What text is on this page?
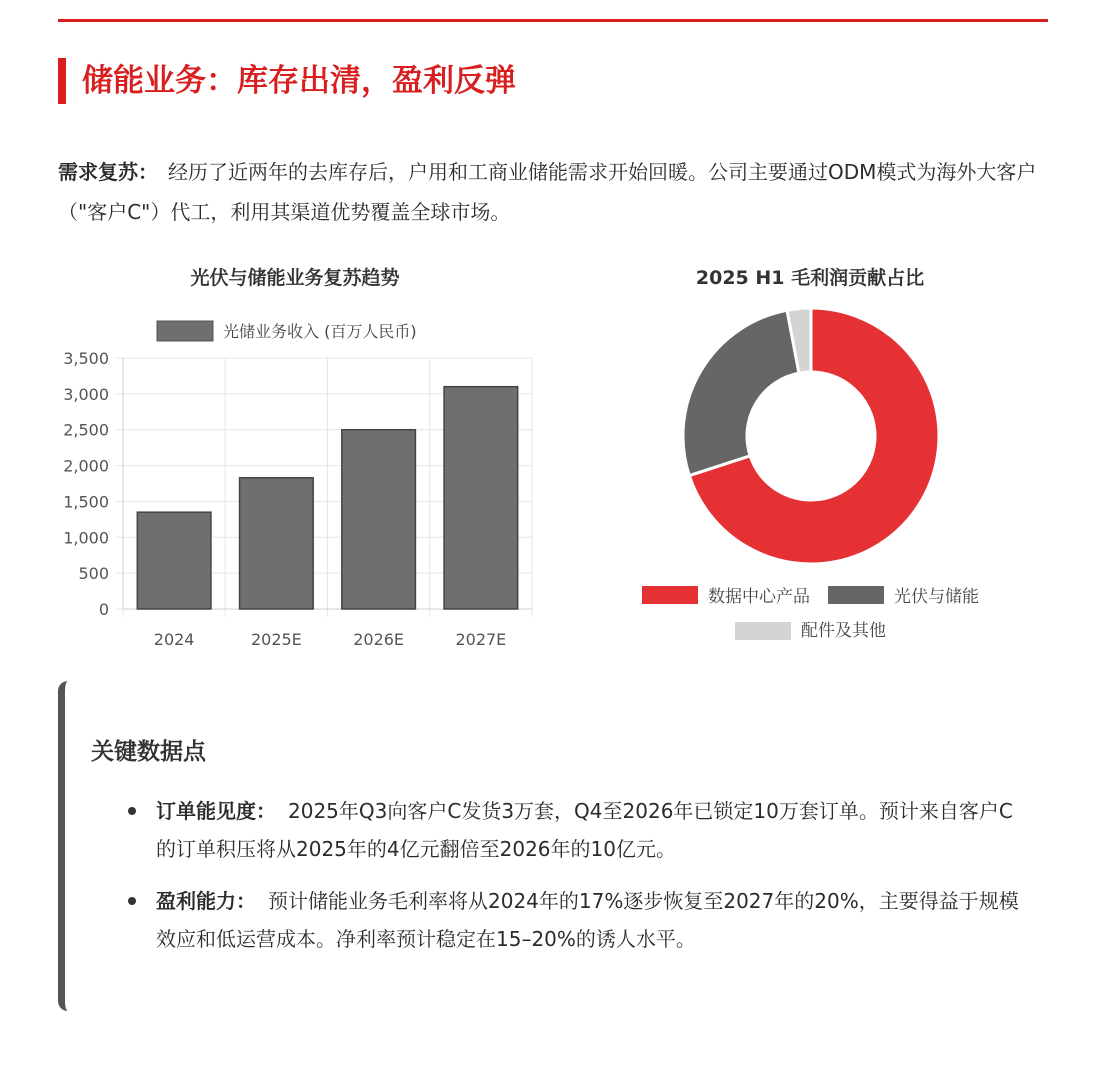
储能业务：库存出清，盈利反弹
需求复苏： 经历了近两年的去库存后，户用和工商业储能需求开始回暖。公司主要通过ODM模式为海外大客户（"客户C"）代工，利用其渠道优势覆盖全球市场。
光伏与储能业务复苏趋势
光储业务收入 (百万人民币)
0
500
1,000
1,500
2,000
2,500
3,000
3,500
2024	2025E	2026E	2027E
2025 H1 毛利润贡献占比
数据中心产品	光伏与储能
配件及其他
关键数据点
订单能见度： 2025年Q3向客户C发货3万套，Q4至2026年已锁定10万套订单。预计来自客户C的订单积压将从2025年的4亿元翻倍至2026年的10亿元。
盈利能力： 预计储能业务毛利率将从2024年的17%逐步恢复至2027年的20%，主要得益于规模效应和低运营成本。净利率预计稳定在15–20%的诱人水平。
